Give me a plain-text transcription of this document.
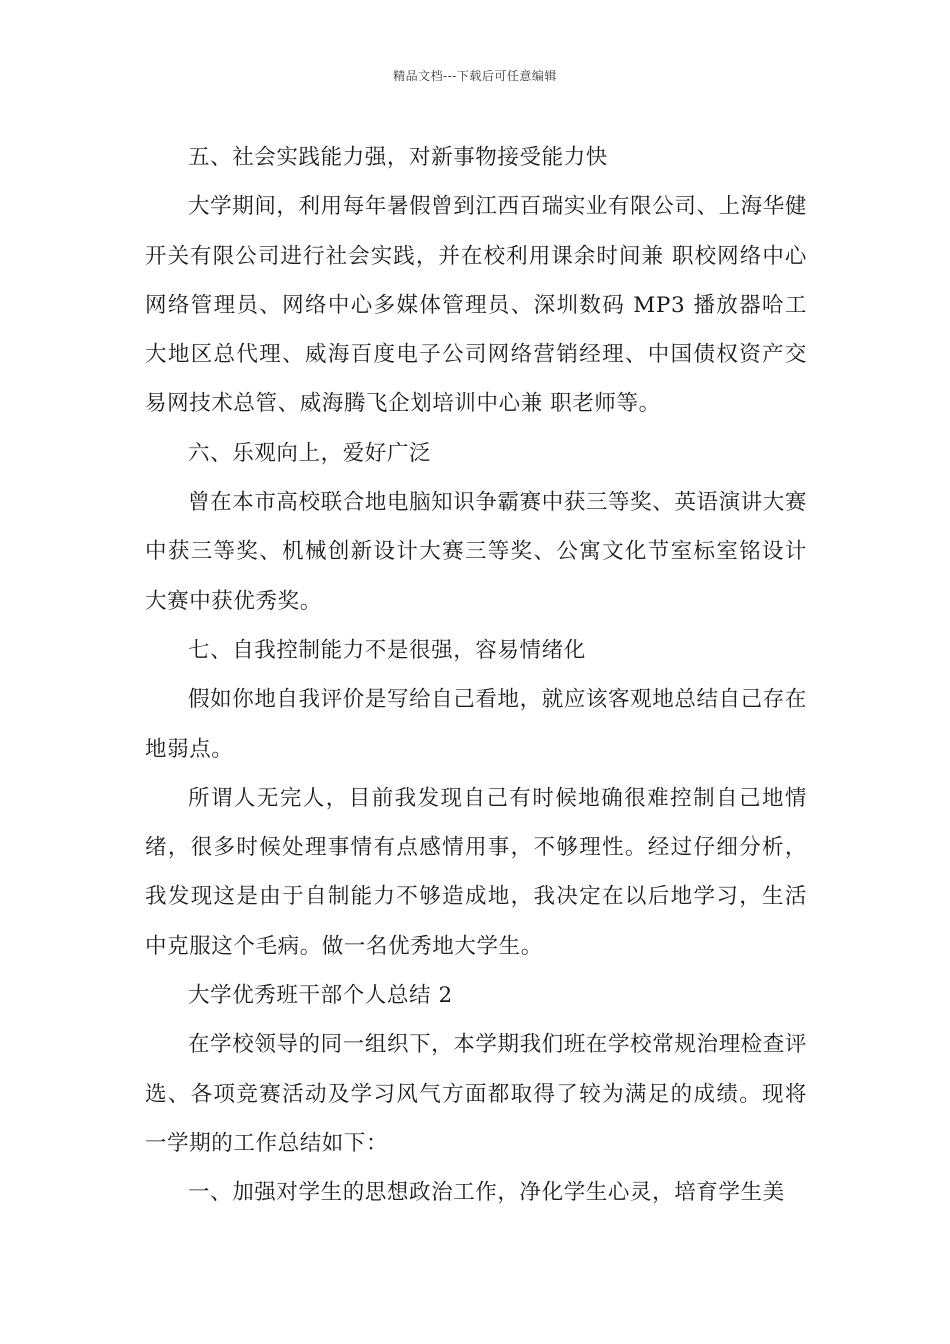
精品文档---下载后可任意编辑

五、社会实践能力强，对新事物接受能力快

大学期间，利用每年暑假曾到江西百瑞实业有限公司、上海华健开关有限公司进行社会实践，并在校利用课余时间兼 职校网络中心网络管理员、网络中心多媒体管理员、深圳数码 MP3 播放器哈工大地区总代理、威海百度电子公司网络营销经理、中国债权资产交易网技术总管、威海腾飞企划培训中心兼 职老师等。

六、乐观向上，爱好广泛

曾在本市高校联合地电脑知识争霸赛中获三等奖、英语演讲大赛中获三等奖、机械创新设计大赛三等奖、公寓文化节室标室铭设计大赛中获优秀奖。

七、自我控制能力不是很强，容易情绪化

假如你地自我评价是写给自己看地，就应该客观地总结自己存在地弱点。

所谓人无完人，目前我发现自己有时候地确很难控制自己地情绪，很多时候处理事情有点感情用事，不够理性。经过仔细分析，我发现这是由于自制能力不够造成地，我决定在以后地学习，生活中克服这个毛病。做一名优秀地大学生。

大学优秀班干部个人总结 2

在学校领导的同一组织下，本学期我们班在学校常规治理检查评选、各项竞赛活动及学习风气方面都取得了较为满足的成绩。现将一学期的工作总结如下：

一、加强对学生的思想政治工作，净化学生心灵，培育学生美
